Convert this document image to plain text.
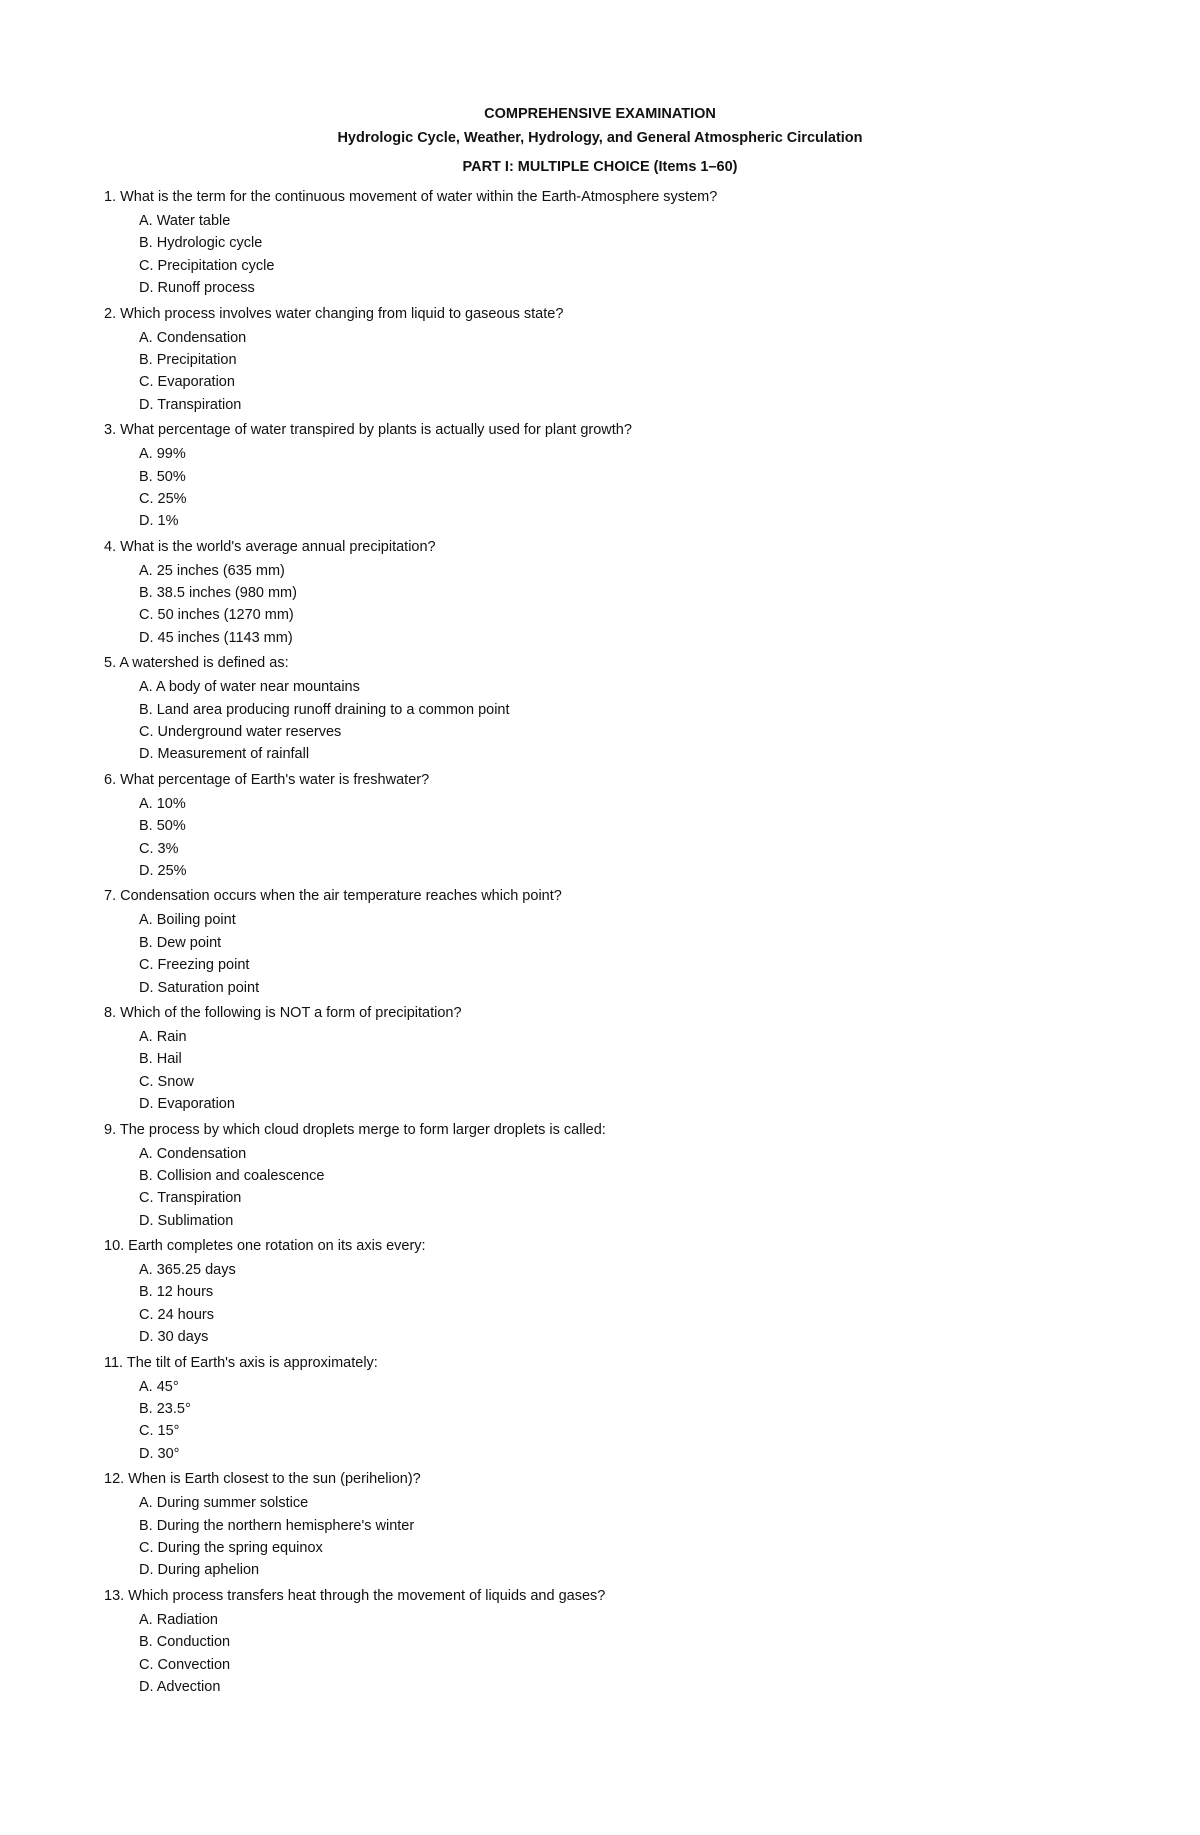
COMPREHENSIVE EXAMINATION
Hydrologic Cycle, Weather, Hydrology, and General Atmospheric Circulation
PART I: MULTIPLE CHOICE (Items 1–60)
1. What is the term for the continuous movement of water within the Earth-Atmosphere system?
A. Water table
B. Hydrologic cycle
C. Precipitation cycle
D. Runoff process
2. Which process involves water changing from liquid to gaseous state?
A. Condensation
B. Precipitation
C. Evaporation
D. Transpiration
3. What percentage of water transpired by plants is actually used for plant growth?
A. 99%
B. 50%
C. 25%
D. 1%
4. What is the world's average annual precipitation?
A. 25 inches (635 mm)
B. 38.5 inches (980 mm)
C. 50 inches (1270 mm)
D. 45 inches (1143 mm)
5. A watershed is defined as:
A. A body of water near mountains
B. Land area producing runoff draining to a common point
C. Underground water reserves
D. Measurement of rainfall
6. What percentage of Earth's water is freshwater?
A. 10%
B. 50%
C. 3%
D. 25%
7. Condensation occurs when the air temperature reaches which point?
A. Boiling point
B. Dew point
C. Freezing point
D. Saturation point
8. Which of the following is NOT a form of precipitation?
A. Rain
B. Hail
C. Snow
D. Evaporation
9. The process by which cloud droplets merge to form larger droplets is called:
A. Condensation
B. Collision and coalescence
C. Transpiration
D. Sublimation
10. Earth completes one rotation on its axis every:
A. 365.25 days
B. 12 hours
C. 24 hours
D. 30 days
11. The tilt of Earth's axis is approximately:
A. 45°
B. 23.5°
C. 15°
D. 30°
12. When is Earth closest to the sun (perihelion)?
A. During summer solstice
B. During the northern hemisphere's winter
C. During the spring equinox
D. During aphelion
13. Which process transfers heat through the movement of liquids and gases?
A. Radiation
B. Conduction
C. Convection
D. Advection
